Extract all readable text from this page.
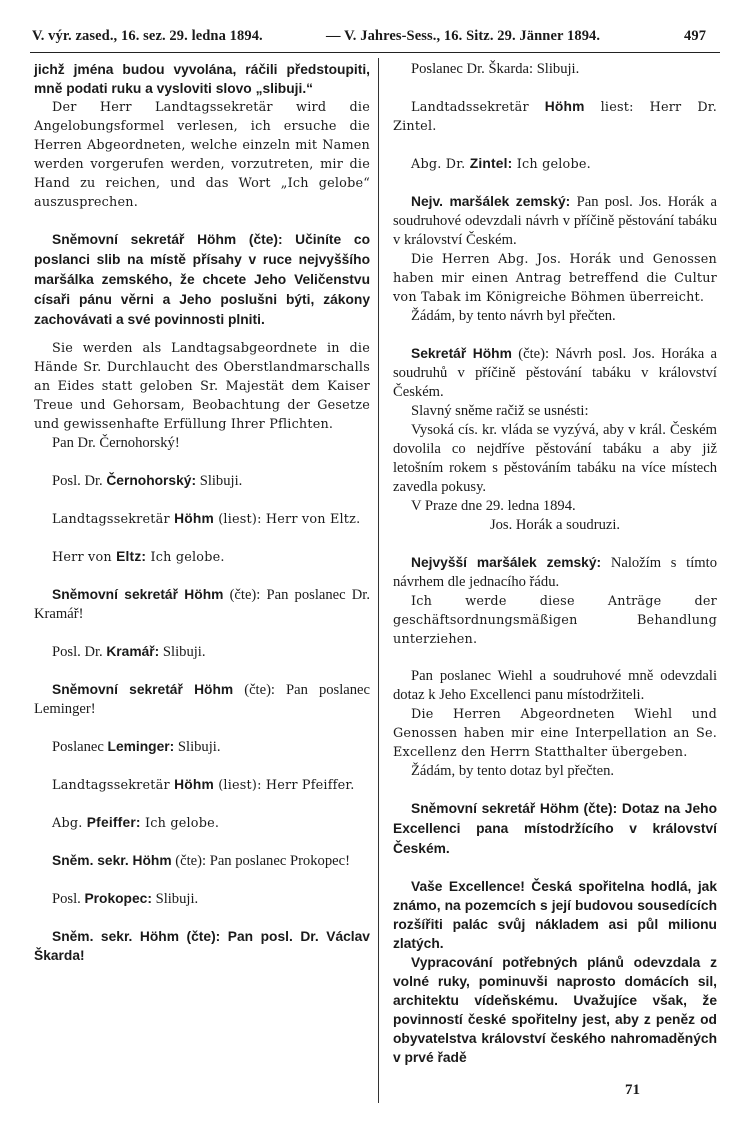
V. výr. zased., 16. sez. 29. ledna 1894.	— V. Jahres-Sess., 16. Sitz. 29. Jänner 1894.	497

jichž jména budou vyvolána, ráčili předstoupiti, mně podati ruku a vysloviti slovo „slibuji.“

Der Herr Landtagssekretär wird die Angelobungsformel verlesen, ich ersuche die Herren Abgeordneten, welche einzeln mit Namen werden vorgerufen werden, vorzutreten, mir die Hand zu reichen, und das Wort „Ich gelobe“ auszusprechen.

Sněmovní sekretář Höhm (čte): Učiníte co poslanci slib na místě přísahy v ruce nejvyššího maršálka zemského, že chcete Jeho Veličenstvu císaři pánu věrni a Jeho poslušni býti, zákony zachovávati a své povinnosti plniti.

Sie werden als Landtagsabgeordnete in die Hände Sr. Durchlaucht des Oberstlandmarschalls an Eides statt geloben Sr. Majestät dem Kaiser Treue und Gehorsam, Beobachtung der Gesetze und gewissenhafte Erfüllung Ihrer Pflichten.

Pan Dr. Černohorský!

Posl. Dr. Černohorský: Slibuji.

Landtagssekretär Höhm (liest): Herr von Eltz.

Herr von Eltz: Ich gelobe.

Sněmovní sekretář Höhm (čte): Pan poslanec Dr. Kramář!

Posl. Dr. Kramář: Slibuji.

Sněmovní sekretář Höhm (čte): Pan poslanec Leminger!

Poslanec Leminger: Slibuji.

Landtagssekretär Höhm (liest): Herr Pfeiffer.

Abg. Pfeiffer: Ich gelobe.

Sněm. sekr. Höhm (čte): Pan poslanec Prokopec!

Posl. Prokopec: Slibuji.

Sněm. sekr. Höhm (čte): Pan posl. Dr. Václav Škarda!

Poslanec Dr. Škarda: Slibuji.

Landtadssekretär Höhm liest: Herr Dr. Zintel.

Abg. Dr. Zintel: Ich gelobe.

Nejv. maršálek zemský: Pan posl. Jos. Horák a soudruhové odevzdali návrh v příčině pěstování tabáku v království Českém.

Die Herren Abg. Jos. Horák und Genossen haben mir einen Antrag betreffend die Cultur von Tabak im Königreiche Böhmen überreicht.

Žádám, by tento návrh byl přečten.

Sekretář Höhm (čte): Návrh posl. Jos. Horáka a soudruhů v příčině pěstování tabáku v království Českém.

Slavný sněme račiž se usnésti:

Vysoká cís. kr. vláda se vyzývá, aby v král. Českém dovolila co nejdříve pěstování tabáku a aby již letošním rokem s pěstováním tabáku na více místech zavedla pokusy.

V Praze dne 29. ledna 1894.

Jos. Horák a soudruzi.

Nejvyšší maršálek zemský: Naložím s tímto návrhem dle jednacího řádu.

Ich werde diese Anträge der geschäftsordnungsmäßigen Behandlung unterziehen.

Pan poslanec Wiehl a soudruhové mně odevzdali dotaz k Jeho Excellenci panu místodržiteli.

Die Herren Abgeordneten Wiehl und Genossen haben mir eine Interpellation an Se. Excellenz den Herrn Statthalter übergeben.

Žádám, by tento dotaz byl přečten.

Sněmovní sekretář Höhm (čte): Dotaz na Jeho Excellenci pana místodržícího v království Českém.

Vaše Excellence! Česká spořitelna hodlá, jak známo, na pozemcích s její budovou sousedících rozšířiti palác svůj nákladem asi půl milionu zlatých.

Vypracování potřebných plánů odevzdala z volné ruky, pominuvši naprosto domácích sil, architektu vídeňskému. Uvažujíce však, že povinností české spořitelny jest, aby z peněz od obyvatelstva království českého nahromaděných v prvé řadě

71
